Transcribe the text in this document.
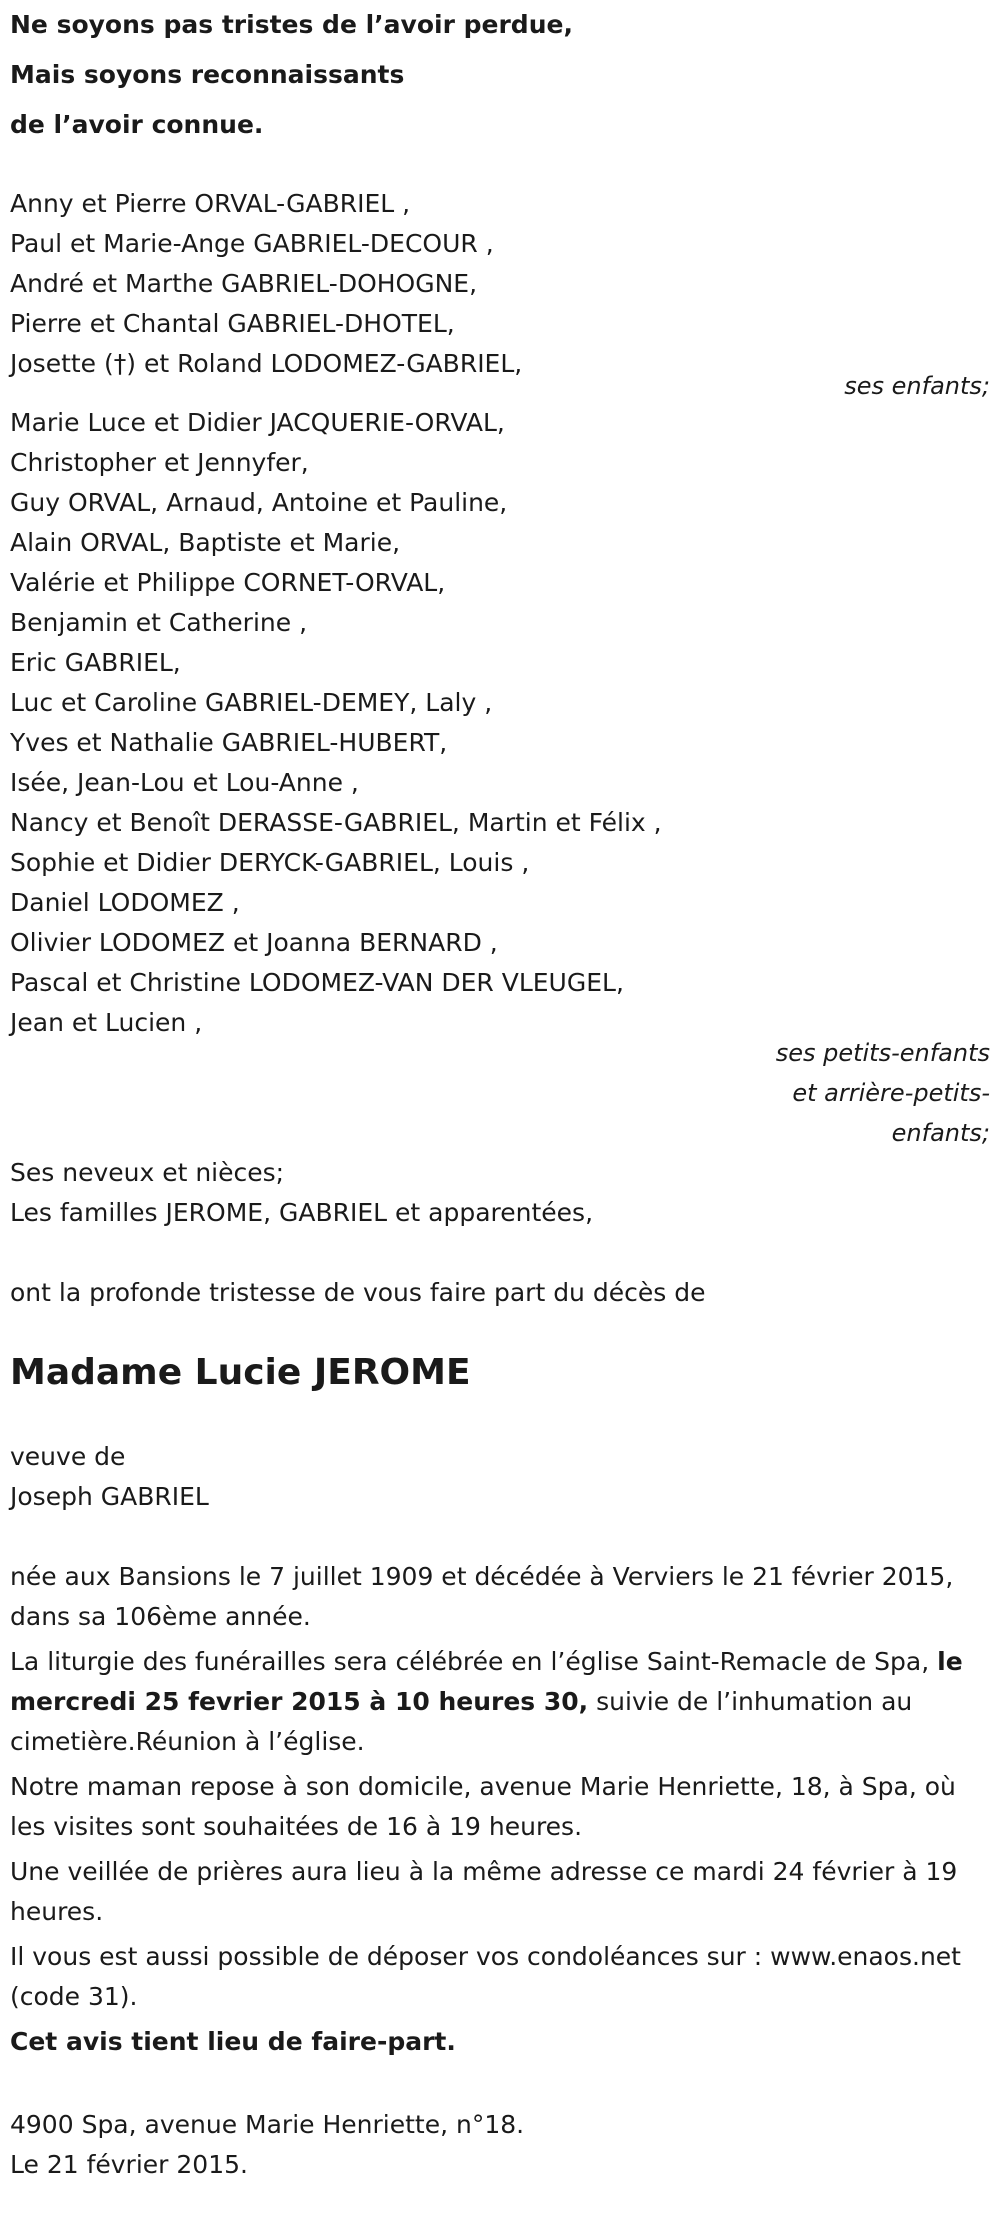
Ne soyons pas tristes de l’avoir perdue,
Mais soyons reconnaissants
de l’avoir connue.
Anny et Pierre ORVAL-GABRIEL ,
Paul et Marie-Ange GABRIEL-DECOUR ,
André et Marthe GABRIEL-DOHOGNE,
Pierre et Chantal GABRIEL-DHOTEL,
Josette (†) et Roland LODOMEZ-GABRIEL,
ses enfants;
Marie Luce et Didier JACQUERIE-ORVAL,
Christopher et Jennyfer,
Guy ORVAL, Arnaud, Antoine et Pauline,
Alain ORVAL, Baptiste et Marie,
Valérie et Philippe CORNET-ORVAL,
Benjamin et Catherine ,
Eric GABRIEL,
Luc et Caroline GABRIEL-DEMEY, Laly ,
Yves et Nathalie GABRIEL-HUBERT,
Isée, Jean-Lou et Lou-Anne ,
Nancy et Benoît DERASSE-GABRIEL, Martin et Félix ,
Sophie et Didier DERYCK-GABRIEL, Louis ,
Daniel LODOMEZ ,
Olivier LODOMEZ et Joanna BERNARD ,
Pascal et Christine LODOMEZ-VAN DER VLEUGEL,
Jean et Lucien ,
ses petits-enfants
et arrière-petits-
enfants;
Ses neveux et nièces;
Les familles JEROME, GABRIEL et apparentées,
ont la profonde tristesse de vous faire part du décès de
Madame Lucie JEROME
veuve de
Joseph GABRIEL
née aux Bansions le 7 juillet 1909 et décédée à Verviers le 21 février 2015, dans sa 106ème année.
La liturgie des funérailles sera célébrée en l’église Saint-Remacle de Spa, le mercredi 25 fevrier 2015 à 10 heures 30, suivie de l’inhumation au cimetière.Réunion à l’église.
Notre maman repose à son domicile, avenue Marie Henriette, 18, à Spa, où les visites sont souhaitées de 16 à 19 heures.
Une veillée de prières aura lieu à la même adresse ce mardi 24 février à 19 heures.
Il vous est aussi possible de déposer vos condoléances sur : www.enaos.net (code 31).
Cet avis tient lieu de faire-part.
4900 Spa, avenue Marie Henriette, n°18.
Le 21 février 2015.
